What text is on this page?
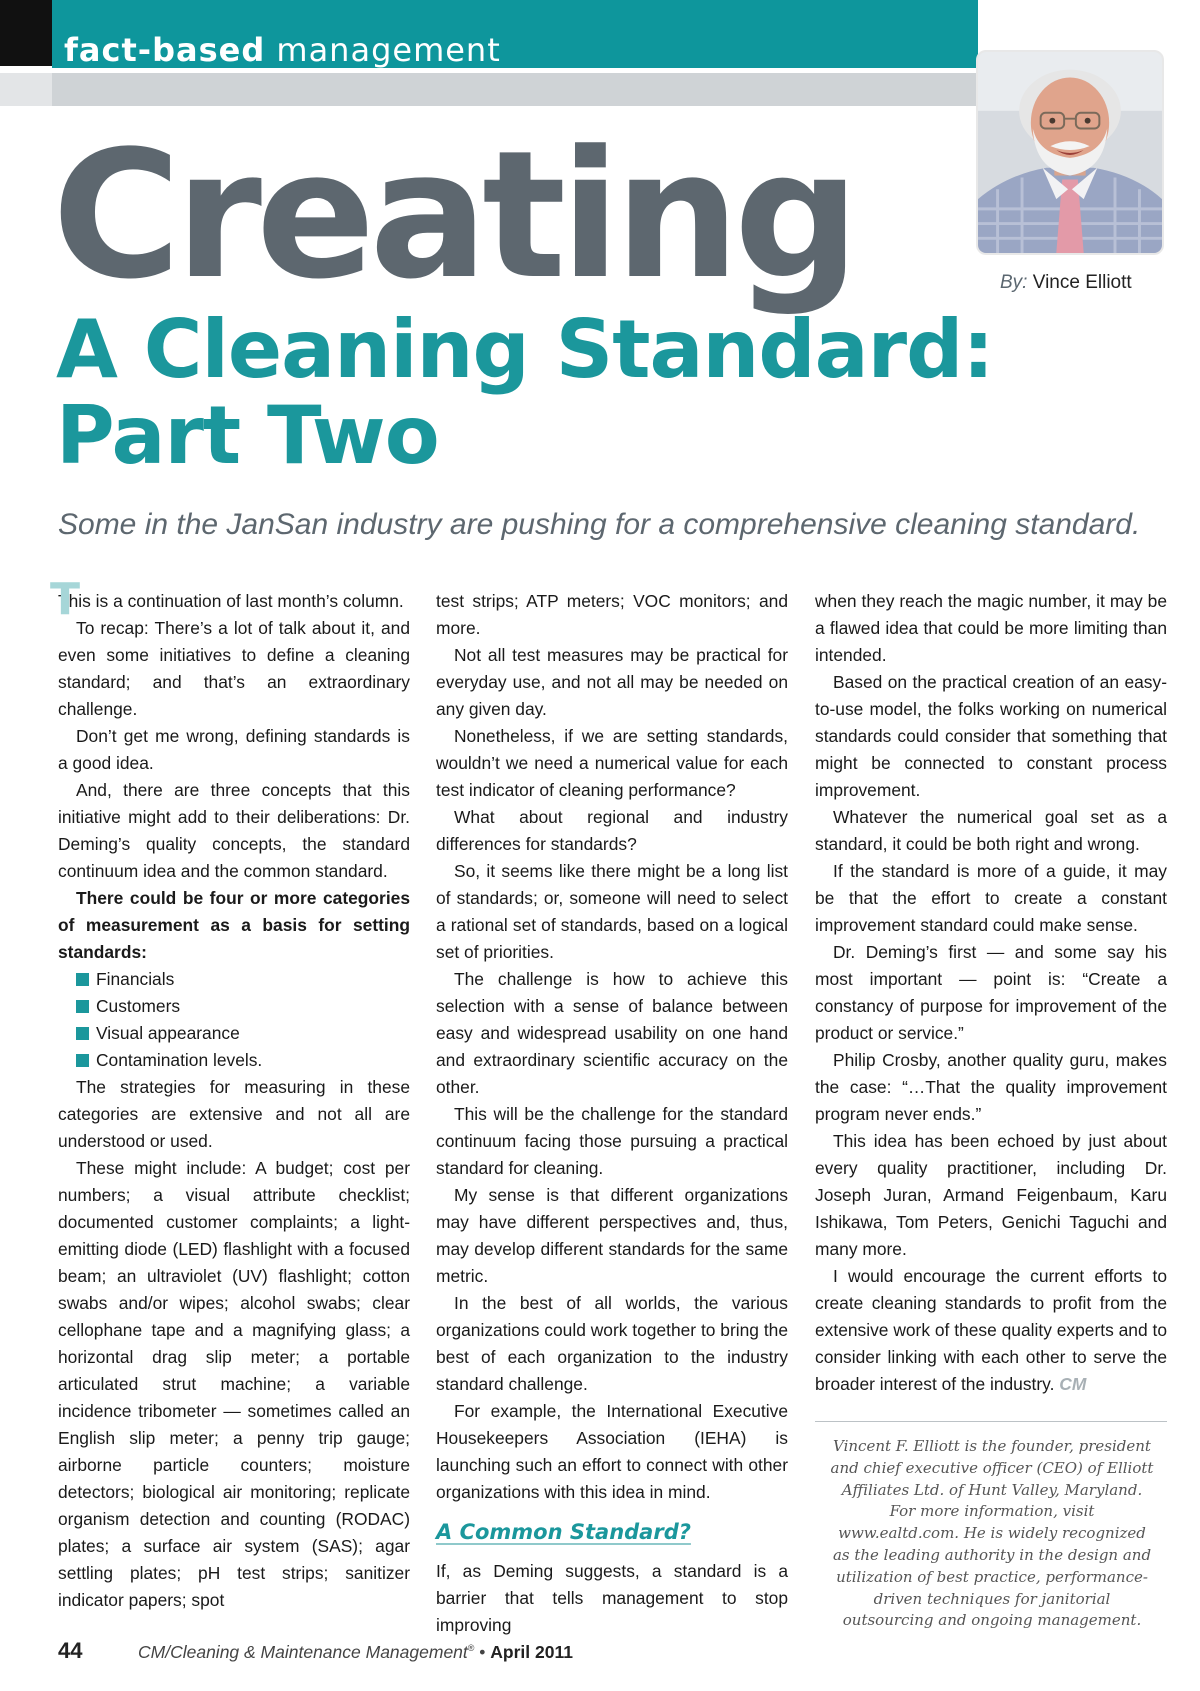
fact-based management
By: Vince Elliott
Creating
A Cleaning Standard:
Part Two
Some in the JanSan industry are pushing for a comprehensive cleaning standard.

T
This is a continuation of last month’s column.

To recap: There’s a lot of talk about it, and even some initiatives to define a cleaning standard; and that’s an extraordinary challenge.

Don’t get me wrong, defining standards is a good idea.

And, there are three concepts that this initiative might add to their deliberations: Dr. Deming’s quality concepts, the standard continuum idea and the common standard.

There could be four or more categories of measurement as a basis for setting standards:

Financials
Customers
Visual appearance
Contamination levels.

The strategies for measuring in these categories are extensive and not all are understood or used.

These might include: A budget; cost per numbers; a visual attribute checklist; documented customer complaints; a light-emitting diode (LED) flashlight with a focused beam; an ultraviolet (UV) flashlight; cotton swabs and/or wipes; alcohol swabs; clear cellophane tape and a magnifying glass; a horizontal drag slip meter; a portable articulated strut machine; a variable incidence tribometer — sometimes called an English slip meter; a penny trip gauge; airborne particle counters; moisture detectors; biological air monitoring; replicate organism detection and counting (RODAC) plates; a surface air system (SAS); agar settling plates; pH test strips; sanitizer indicator papers; spot

test strips; ATP meters; VOC monitors; and more.

Not all test measures may be practical for everyday use, and not all may be needed on any given day.

Nonetheless, if we are setting standards, wouldn’t we need a numerical value for each test indicator of cleaning performance?

What about regional and industry differences for standards?

So, it seems like there might be a long list of standards; or, someone will need to select a rational set of standards, based on a logical set of priorities.

The challenge is how to achieve this selection with a sense of balance between easy and widespread usability on one hand and extraordinary scientific accuracy on the other.

This will be the challenge for the standard continuum facing those pursuing a practical standard for cleaning.

My sense is that different organizations may have different perspectives and, thus, may develop different standards for the same metric.

In the best of all worlds, the various organizations could work together to bring the best of each organization to the industry standard challenge.

For example, the International Executive Housekeepers Association (IEHA) is launching such an effort to connect with other organizations with this idea in mind.

A Common Standard?

If, as Deming suggests, a standard is a barrier that tells management to stop improving

when they reach the magic number, it may be a flawed idea that could be more limiting than intended.

Based on the practical creation of an easy-to-use model, the folks working on numerical standards could consider that something that might be connected to constant process improvement.

Whatever the numerical goal set as a standard, it could be both right and wrong.

If the standard is more of a guide, it may be that the effort to create a constant improvement standard could make sense.

Dr. Deming’s first — and some say his most important — point is: “Create a constancy of purpose for improvement of the product or service.”

Philip Crosby, another quality guru, makes the case: “…That the quality improvement program never ends.”

This idea has been echoed by just about every quality practitioner, including Dr. Joseph Juran, Armand Feigenbaum, Karu Ishikawa, Tom Peters, Genichi Taguchi and many more.

I would encourage the current efforts to create cleaning standards to profit from the extensive work of these quality experts and to consider linking with each other to serve the broader interest of the industry. CM

Vincent F. Elliott is the founder, president and chief executive officer (CEO) of Elliott Affiliates Ltd. of Hunt Valley, Maryland. For more information, visit www.ealtd.com. He is widely recognized as the leading authority in the design and utilization of best practice, performance-driven techniques for janitorial outsourcing and ongoing management.
44	CM/Cleaning & Maintenance Management® • April 2011
